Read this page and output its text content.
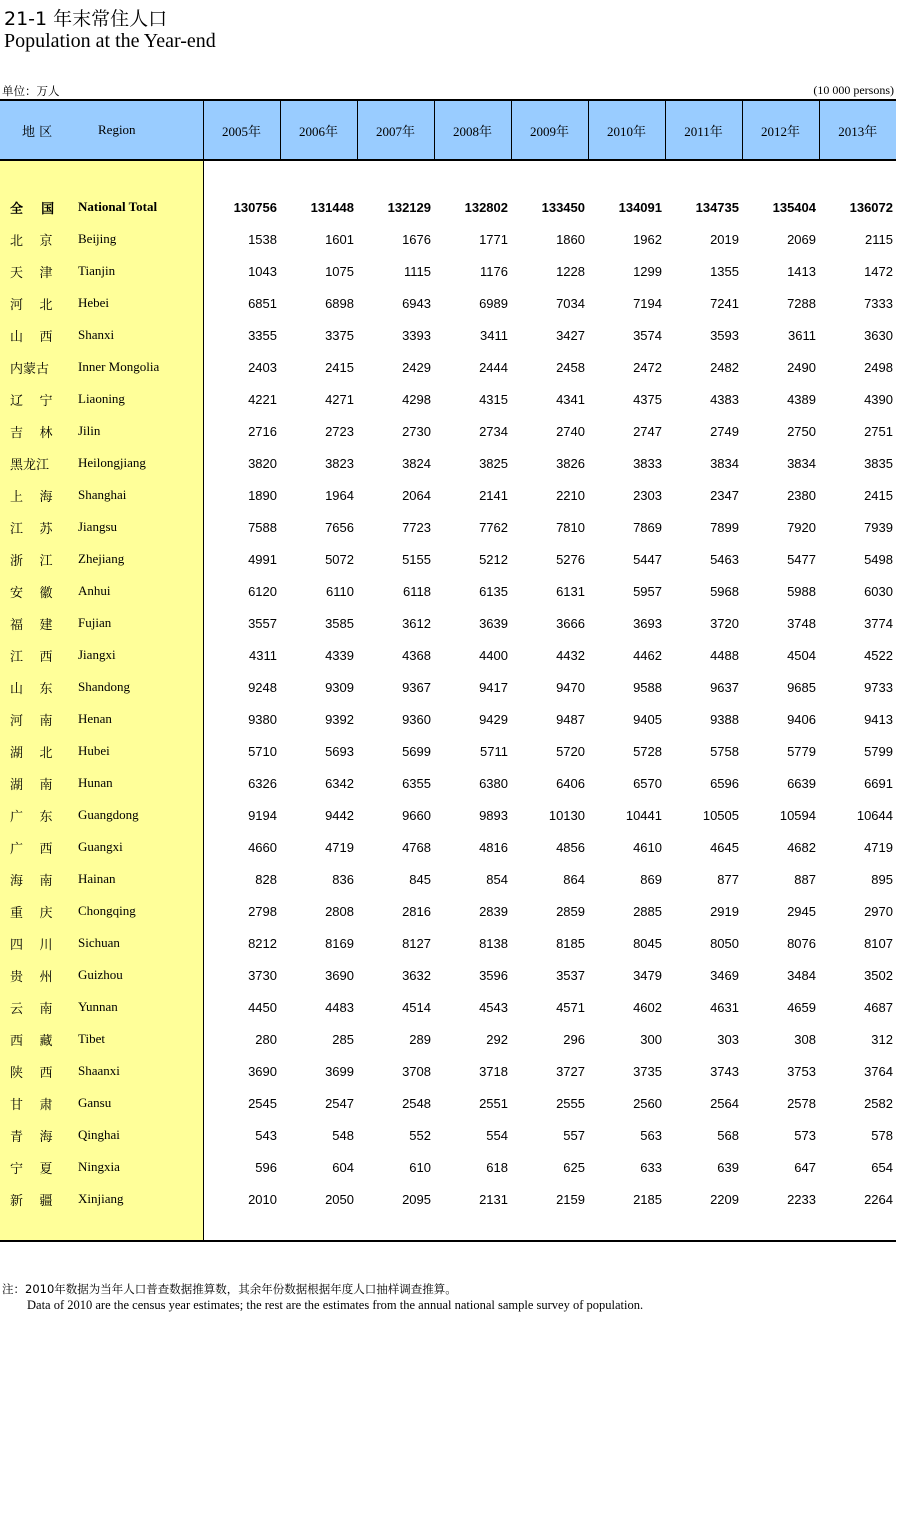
21-1 年末常住人口
Population at the Year-end
单位：万人	(10 000 persons)
地 区	Region	2005年	2006年	2007年	2008年	2009年	2010年	2011年	2012年	2013年

全    国	National Total	130756	131448	132129	132802	133450	134091	134735	135404	136072
北    京	Beijing	1538	1601	1676	1771	1860	1962	2019	2069	2115
天    津	Tianjin	1043	1075	1115	1176	1228	1299	1355	1413	1472
河    北	Hebei	6851	6898	6943	6989	7034	7194	7241	7288	7333
山    西	Shanxi	3355	3375	3393	3411	3427	3574	3593	3611	3630
内蒙古	Inner Mongolia	2403	2415	2429	2444	2458	2472	2482	2490	2498
辽    宁	Liaoning	4221	4271	4298	4315	4341	4375	4383	4389	4390
吉    林	Jilin	2716	2723	2730	2734	2740	2747	2749	2750	2751
黑龙江	Heilongjiang	3820	3823	3824	3825	3826	3833	3834	3834	3835
上    海	Shanghai	1890	1964	2064	2141	2210	2303	2347	2380	2415
江    苏	Jiangsu	7588	7656	7723	7762	7810	7869	7899	7920	7939
浙    江	Zhejiang	4991	5072	5155	5212	5276	5447	5463	5477	5498
安    徽	Anhui	6120	6110	6118	6135	6131	5957	5968	5988	6030
福    建	Fujian	3557	3585	3612	3639	3666	3693	3720	3748	3774
江    西	Jiangxi	4311	4339	4368	4400	4432	4462	4488	4504	4522
山    东	Shandong	9248	9309	9367	9417	9470	9588	9637	9685	9733
河    南	Henan	9380	9392	9360	9429	9487	9405	9388	9406	9413
湖    北	Hubei	5710	5693	5699	5711	5720	5728	5758	5779	5799
湖    南	Hunan	6326	6342	6355	6380	6406	6570	6596	6639	6691
广    东	Guangdong	9194	9442	9660	9893	10130	10441	10505	10594	10644
广    西	Guangxi	4660	4719	4768	4816	4856	4610	4645	4682	4719
海    南	Hainan	828	836	845	854	864	869	877	887	895
重    庆	Chongqing	2798	2808	2816	2839	2859	2885	2919	2945	2970
四    川	Sichuan	8212	8169	8127	8138	8185	8045	8050	8076	8107
贵    州	Guizhou	3730	3690	3632	3596	3537	3479	3469	3484	3502
云    南	Yunnan	4450	4483	4514	4543	4571	4602	4631	4659	4687
西    藏	Tibet	280	285	289	292	296	300	303	308	312
陕    西	Shaanxi	3690	3699	3708	3718	3727	3735	3743	3753	3764
甘    肃	Gansu	2545	2547	2548	2551	2555	2560	2564	2578	2582
青    海	Qinghai	543	548	552	554	557	563	568	573	578
宁    夏	Ningxia	596	604	610	618	625	633	639	647	654
新    疆	Xinjiang	2010	2050	2095	2131	2159	2185	2209	2233	2264

注：2010年数据为当年人口普查数据推算数，其余年份数据根据年度人口抽样调查推算。
Data of 2010 are the census year estimates; the rest are the estimates from the annual national sample survey of population.
